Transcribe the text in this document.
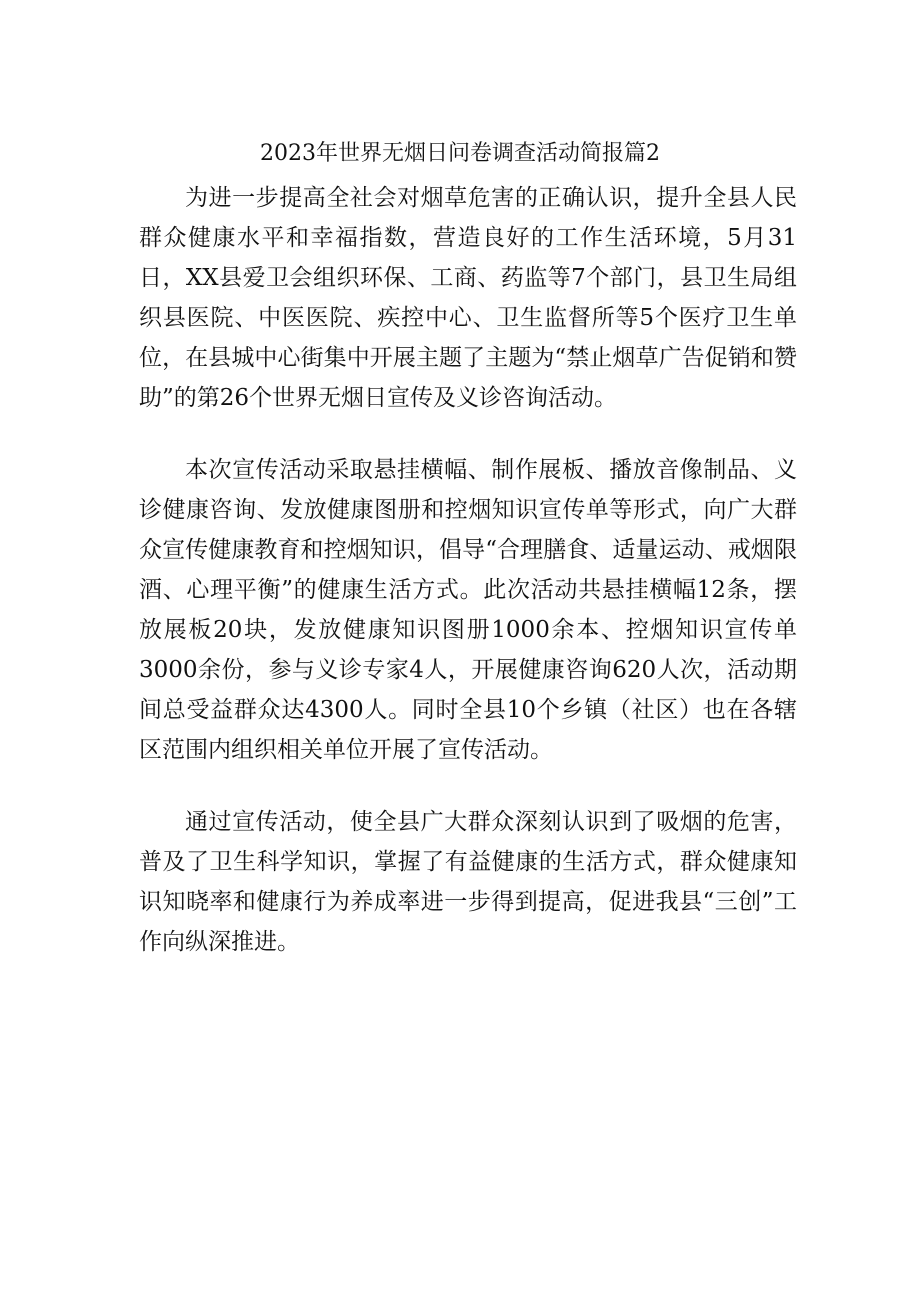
2023年世界无烟日问卷调查活动简报篇2

为进一步提高全社会对烟草危害的正确认识，提升全县人民群众健康水平和幸福指数，营造良好的工作生活环境，5月31日，XX县爱卫会组织环保、工商、药监等7个部门，县卫生局组织县医院、中医医院、疾控中心、卫生监督所等5个医疗卫生单位，在县城中心街集中开展主题了主题为“禁止烟草广告促销和赞助”的第26个世界无烟日宣传及义诊咨询活动。

本次宣传活动采取悬挂横幅、制作展板、播放音像制品、义诊健康咨询、发放健康图册和控烟知识宣传单等形式，向广大群众宣传健康教育和控烟知识，倡导“合理膳食、适量运动、戒烟限酒、心理平衡”的健康生活方式。此次活动共悬挂横幅12条，摆放展板20块，发放健康知识图册1000余本、控烟知识宣传单3000余份，参与义诊专家4人，开展健康咨询620人次，活动期间总受益群众达4300人。同时全县10个乡镇（社区）也在各辖区范围内组织相关单位开展了宣传活动。

通过宣传活动，使全县广大群众深刻认识到了吸烟的危害，普及了卫生科学知识，掌握了有益健康的生活方式，群众健康知识知晓率和健康行为养成率进一步得到提高，促进我县“三创”工作向纵深推进。
